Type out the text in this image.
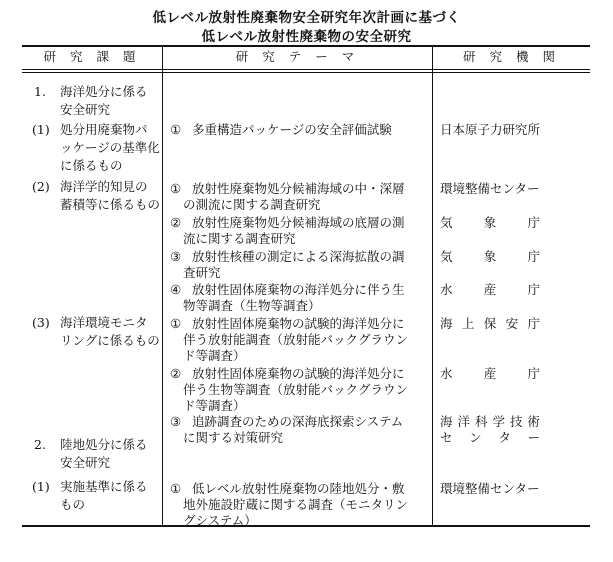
低レベル放射性廃棄物安全研究年次計画に基づく
低レベル放射性廃棄物の安全研究
研 究 課 題	研 究 テ ー マ	研 究 機 関
1. 海洋処分に係る
安全研究
(1) 処分用廃棄物パ
ッケージの基準化
に係るもの
(2) 海洋学的知見の
蓄積等に係るもの
(3) 海洋環境モニタ
リングに係るもの
2. 陸地処分に係る
安全研究
(1) 実施基準に係る
もの
① 多重構造パッケージの安全評価試験
① 放射性廃棄物処分候補海域の中・深層
の測流に関する調査研究
② 放射性廃棄物処分候補海域の底層の測
流に関する調査研究
③ 放射性核種の測定による深海拡散の調
査研究
④ 放射性固体廃棄物の海洋処分に伴う生
物等調査（生物等調査）
① 放射性固体廃棄物の試験的海洋処分に
伴う放射能調査（放射能バックグラウン
ド等調査）
② 放射性固体廃棄物の試験的海洋処分に
伴う生物等調査（放射能バックグラウン
ド等調査）
③ 追跡調査のための深海底探索システム
に関する対策研究
① 低レベル放射性廃棄物の陸地処分・敷
地外施設貯蔵に関する調査（モニタリン
グシステム）
日本原子力研究所
環境整備センター
気 象 庁
気 象 庁
水 産 庁
海 上 保 安 庁
水 産 庁
海 洋 科 学 技 術
セ ン タ ー
環境整備センター
